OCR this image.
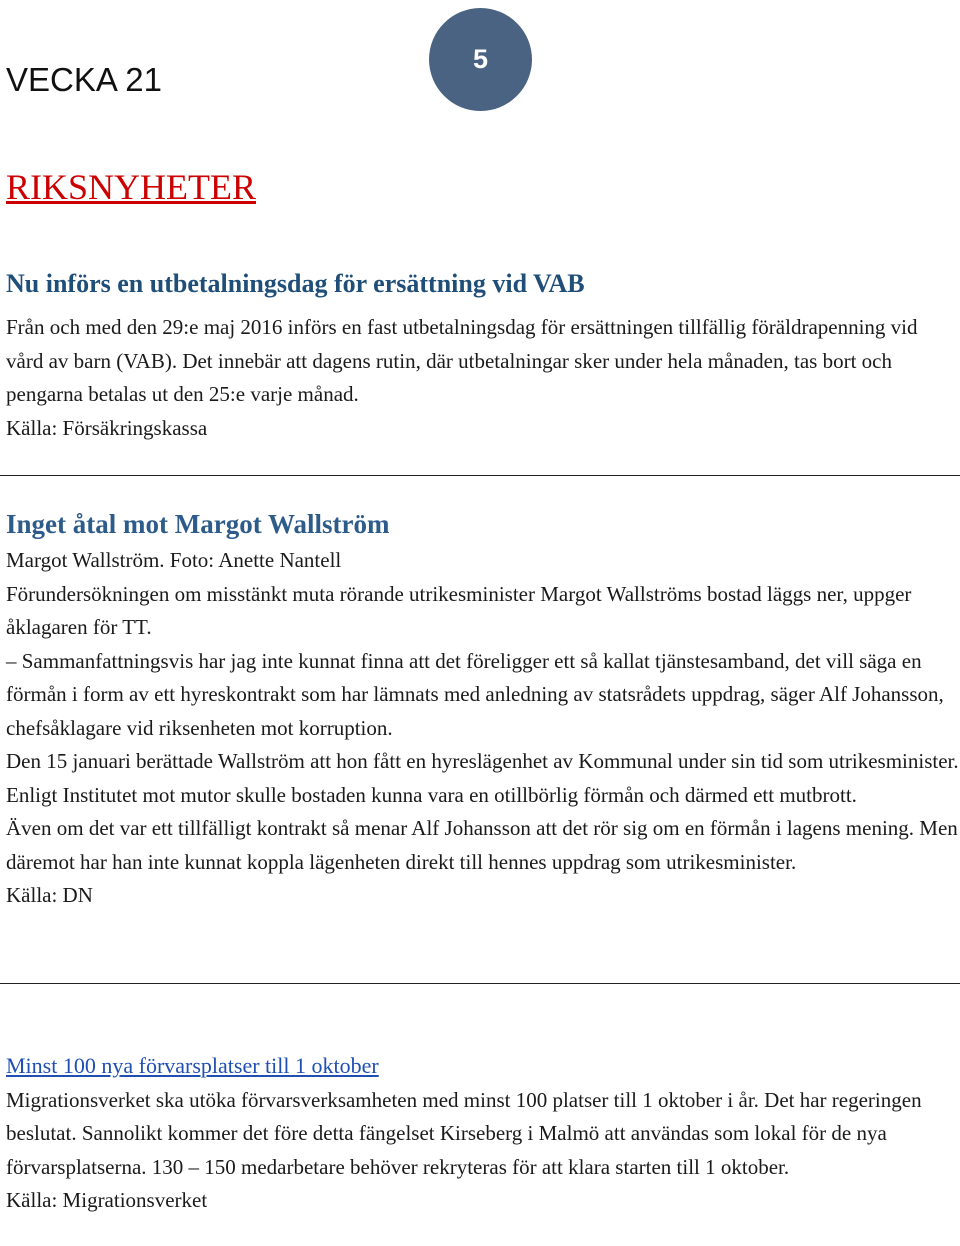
5
VECKA 21
RIKSNYHETER
Nu införs en utbetalningsdag för ersättning vid VAB

Från och med den 29:e maj 2016 införs en fast utbetalningsdag för ersättningen tillfällig föräldrapenning vid vård av barn (VAB). Det innebär att dagens rutin, där utbetalningar sker under hela månaden, tas bort och pengarna betalas ut den 25:e varje månad.

Källa: Försäkringskassa

Inget åtal mot Margot Wallström

Margot Wallström. Foto: Anette Nantell

Förundersökningen om misstänkt muta rörande utrikesminister Margot Wallströms bostad läggs ner, uppger åklagaren för TT.

– Sammanfattningsvis har jag inte kunnat finna att det föreligger ett så kallat tjänstesamband, det vill säga en förmån i form av ett hyreskontrakt som har lämnats med anledning av statsrådets uppdrag, säger Alf Johansson, chefsåklagare vid riksenheten mot korruption.

Den 15 januari berättade Wallström att hon fått en hyreslägenhet av Kommunal under sin tid som utrikesminister. Enligt Institutet mot mutor skulle bostaden kunna vara en otillbörlig förmån och därmed ett mutbrott.

Även om det var ett tillfälligt kontrakt så menar Alf Johansson att det rör sig om en förmån i lagens mening. Men däremot har han inte kunnat koppla lägenheten direkt till hennes uppdrag som utrikesminister.

Källa: DN

Minst 100 nya förvarsplatser till 1 oktober

Migrationsverket ska utöka förvarsverksamheten med minst 100 platser till 1 oktober i år. Det har regeringen beslutat. Sannolikt kommer det före detta fängelset Kirseberg i Malmö att användas som lokal för de nya förvarsplatserna. 130 – 150 medarbetare behöver rekryteras för att klara starten till 1 oktober.

Källa: Migrationsverket
